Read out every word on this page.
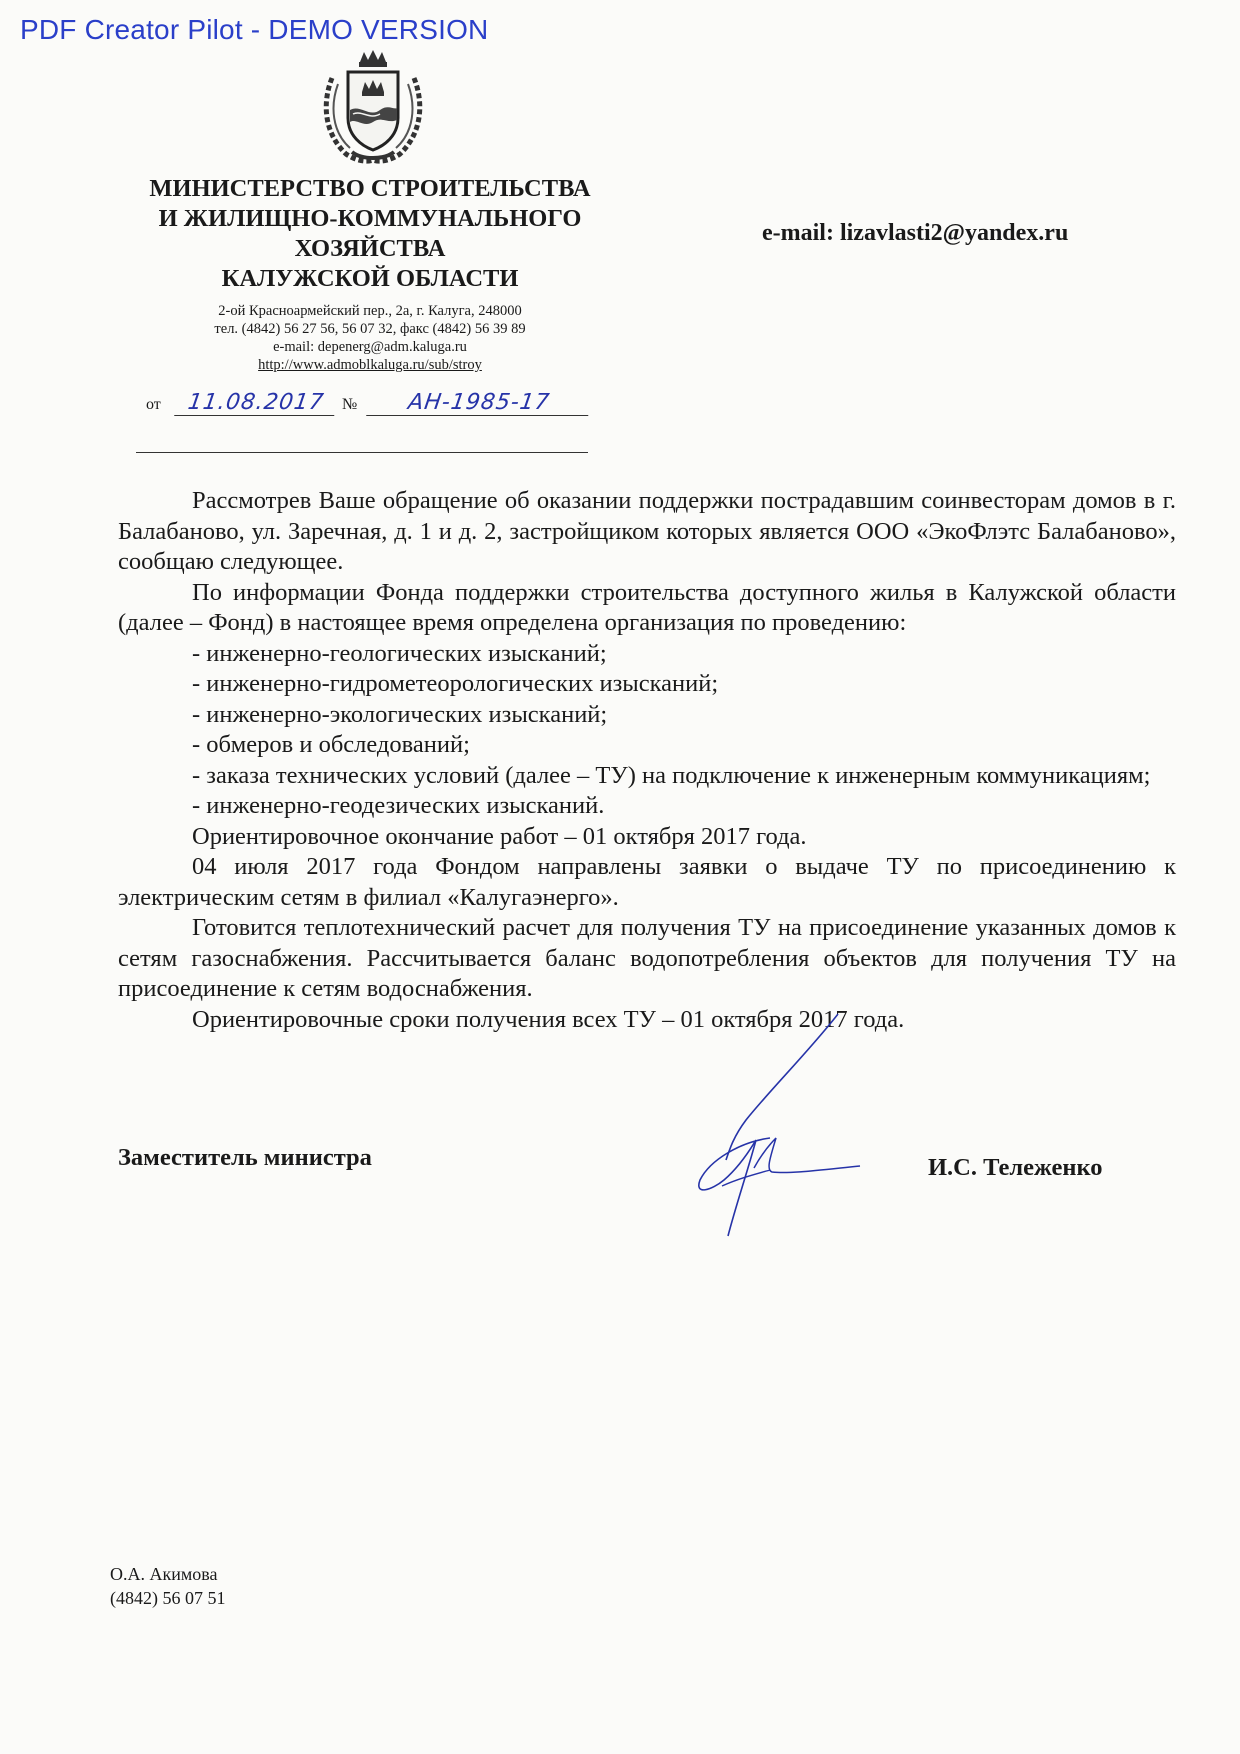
PDF Creator Pilot - DEMO VERSION
МИНИСТЕРСТВО СТРОИТЕЛЬСТВА
И ЖИЛИЩНО-КОММУНАЛЬНОГО
ХОЗЯЙСТВА
КАЛУЖСКОЙ ОБЛАСТИ
2-ой Красноармейский пер., 2а, г. Калуга, 248000
тел. (4842) 56 27 56, 56 07 32, факс (4842) 56 39 89
e-mail: depenerg@adm.kaluga.ru
http://www.admoblkaluga.ru/sub/stroy
e-mail: lizavlasti2@yandex.ru
от	11.08.2017	№	АН-1985-17

Рассмотрев Ваше обращение об оказании поддержки пострадавшим соинвесторам домов в г. Балабаново, ул. Заречная, д. 1 и д. 2, застройщиком которых является ООО «ЭкоФлэтс Балабаново», сообщаю следующее.

По информации Фонда поддержки строительства доступного жилья в Калужской области (далее – Фонд) в настоящее время определена организация по проведению:

- инженерно-геологических изысканий;

- инженерно-гидрометеорологических изысканий;

- инженерно-экологических изысканий;

- обмеров и обследований;

- заказа технических условий (далее – ТУ) на подключение к инженерным коммуникациям;

- инженерно-геодезических изысканий.

Ориентировочное окончание работ – 01 октября 2017 года.

04 июля 2017 года Фондом направлены заявки о выдаче ТУ по присоединению к электрическим сетям в филиал «Калугаэнерго».

Готовится теплотехнический расчет для получения ТУ на присоединение указанных домов к сетям газоснабжения. Рассчитывается баланс водопотребления объектов для получения ТУ на присоединение к сетям водоснабжения.

Ориентировочные сроки получения всех ТУ – 01 октября 2017 года.

Заместитель министра	И.С. Тележенко
О.А. Акимова
(4842) 56 07 51
